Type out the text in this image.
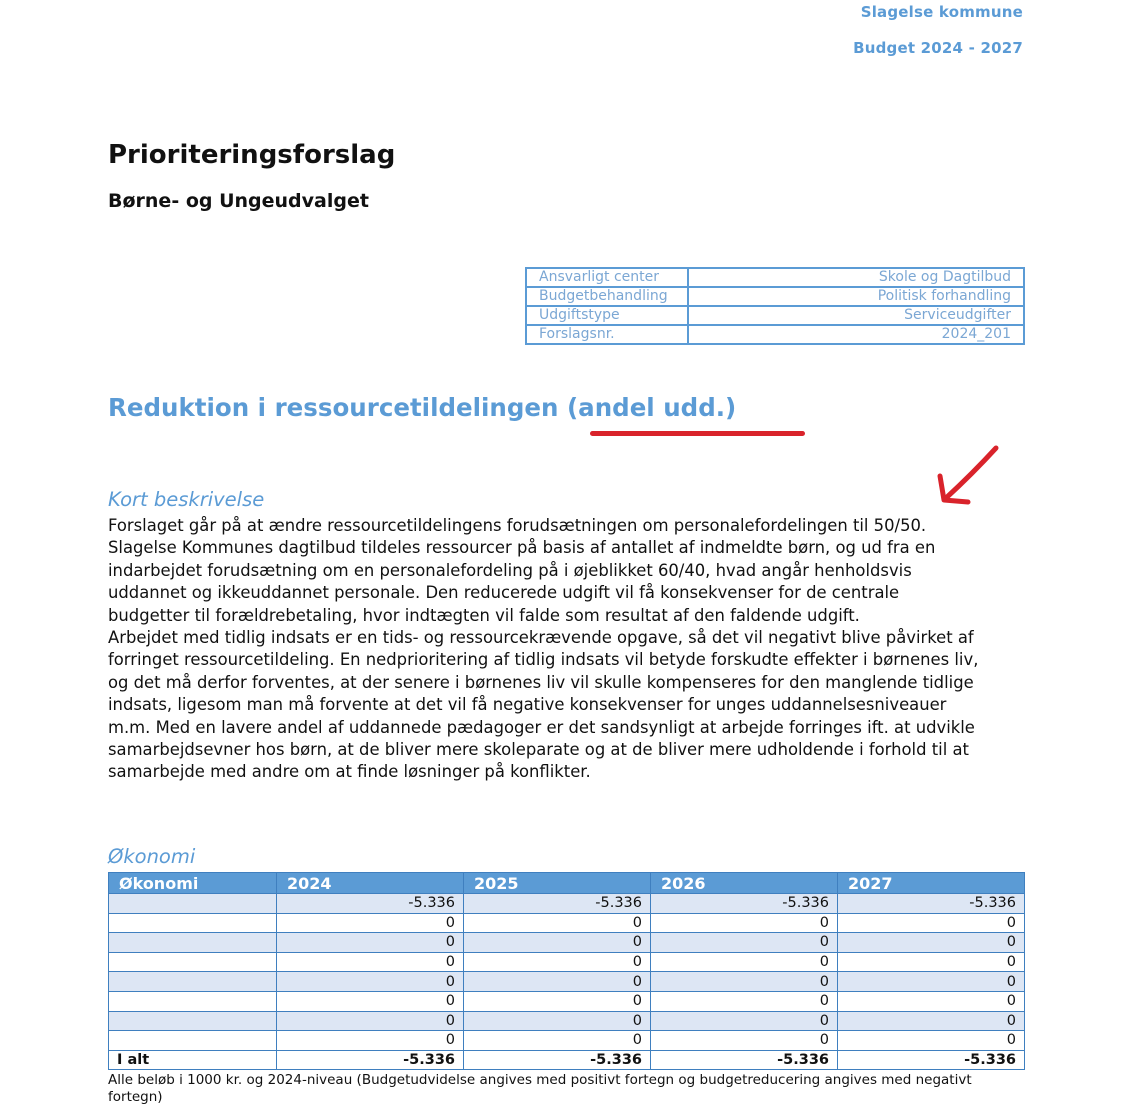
Slagelse kommune
Budget 2024 - 2027
Prioriteringsforslag
Børne- og Ungeudvalget
Ansvarligt center	Skole og Dagtilbud
Budgetbehandling	Politisk forhandling
Udgiftstype	Serviceudgifter
Forslagsnr.	2024_201
Reduktion i ressourcetildelingen (andel udd.)
Kort beskrivelse
Forslaget går på at ændre ressourcetildelingens forudsætningen om personalefordelingen til 50/50.
Slagelse Kommunes dagtilbud tildeles ressourcer på basis af antallet af indmeldte børn, og ud fra en
indarbejdet forudsætning om en personalefordeling på i øjeblikket 60/40, hvad angår henholdsvis
uddannet og ikkeuddannet personale. Den reducerede udgift vil få konsekvenser for de centrale
budgetter til forældrebetaling, hvor indtægten vil falde som resultat af den faldende udgift.
Arbejdet med tidlig indsats er en tids- og ressourcekrævende opgave, så det vil negativt blive påvirket af
forringet ressourcetildeling. En nedprioritering af tidlig indsats vil betyde forskudte effekter i børnenes liv,
og det må derfor forventes, at der senere i børnenes liv vil skulle kompenseres for den manglende tidlige
indsats, ligesom man må forvente at det vil få negative konsekvenser for unges uddannelsesniveauer
m.m. Med en lavere andel af uddannede pædagoger er det sandsynligt at arbejde forringes ift. at udvikle
samarbejdsevner hos børn, at de bliver mere skoleparate og at de bliver mere udholdende i forhold til at
samarbejde med andre om at finde løsninger på konflikter.
Økonomi
Økonomi	2024	2025	2026	2027
	-5.336	-5.336	-5.336	-5.336
	0	0	0	0
	0	0	0	0
	0	0	0	0
	0	0	0	0
	0	0	0	0
	0	0	0	0
	0	0	0	0
I alt	-5.336	-5.336	-5.336	-5.336
Alle beløb i 1000 kr. og 2024-niveau (Budgetudvidelse angives med positivt fortegn og budgetreducering angives med negativt fortegn)
